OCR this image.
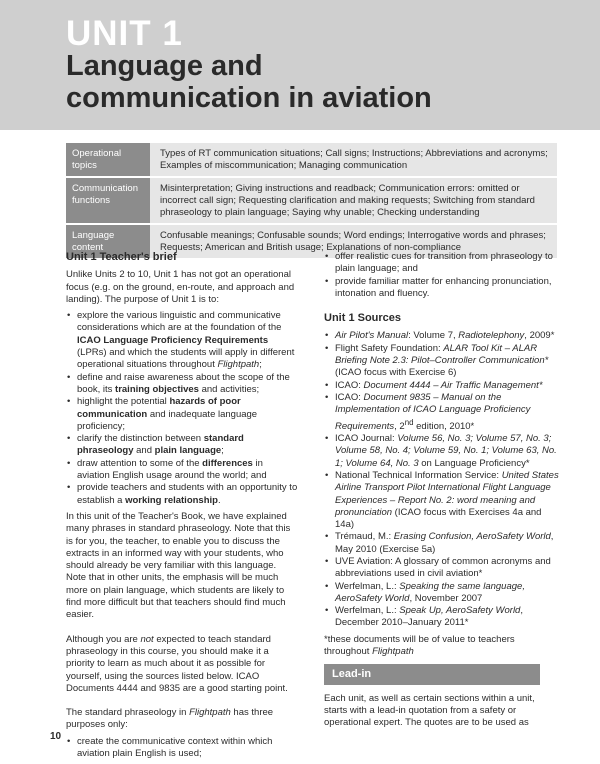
UNIT 1
Language and
communication in aviation
Operational topics	Types of RT communication situations; Call signs; Instructions; Abbreviations and acronyms; Examples of miscommunication; Managing communication
Communication functions	Misinterpretation; Giving instructions and readback; Communication errors: omitted or incorrect call sign; Requesting clarification and making requests; Switching from standard phraseology to plain language; Saying why unable; Checking understanding
Language content	Confusable meanings; Confusable sounds; Word endings; Interrogative words and phrases; Requests; American and British usage; Explanations of non-compliance
Unit 1 Teacher's brief

Unlike Units 2 to 10, Unit 1 has not got an operational focus (e.g. on the ground, en-route, and approach and landing). The purpose of Unit 1 is to:

• explore the various linguistic and communicative considerations which are at the foundation of the ICAO Language Proficiency Requirements (LPRs) and which the students will apply in different operational situations throughout Flightpath;
• define and raise awareness about the scope of the book, its training objectives and activities;
• highlight the potential hazards of poor communication and inadequate language proficiency;
• clarify the distinction between standard phraseology and plain language;
• draw attention to some of the differences in aviation English usage around the world; and
• provide teachers and students with an opportunity to establish a working relationship.

In this unit of the Teacher's Book, we have explained many phrases in standard phraseology. Note that this is for you, the teacher, to enable you to discuss the extracts in an informed way with your students, who should already be very familiar with this language. Note that in other units, the emphasis will be much more on plain language, which students are likely to find more difficult but that teachers should find much easier.

Although you are not expected to teach standard phraseology in this course, you should make it a priority to learn as much about it as possible for yourself, using the sources listed below. ICAO Documents 4444 and 9835 are a good starting point.

The standard phraseology in Flightpath has three purposes only:

• create the communicative context within which aviation plain English is used;
• offer realistic cues for transition from phraseology to plain language; and
• provide familiar matter for enhancing pronunciation, intonation and fluency.
Unit 1 Sources
• Air Pilot's Manual: Volume 7, Radiotelephony, 2009*
• Flight Safety Foundation: ALAR Tool Kit – ALAR Briefing Note 2.3: Pilot–Controller Communication* (ICAO focus with Exercise 6)
• ICAO: Document 4444 – Air Traffic Management*
• ICAO: Document 9835 – Manual on the Implementation of ICAO Language Proficiency Requirements, 2nd edition, 2010*
• ICAO Journal: Volume 56, No. 3; Volume 57, No. 3; Volume 58, No. 4; Volume 59, No. 1; Volume 63, No. 1; Volume 64, No. 3 on Language Proficiency*
• National Technical Information Service: United States Airline Transport Pilot International Flight Language Experiences – Report No. 2: word meaning and pronunciation (ICAO focus with Exercises 4a and 14a)
• Trémaud, M.: Erasing Confusion, AeroSafety World, May 2010 (Exercise 5a)
• UVE Aviation: A glossary of common acronyms and abbreviations used in civil aviation*
• Werfelman, L.: Speaking the same language, AeroSafety World, November 2007
• Werfelman, L.: Speak Up, AeroSafety World, December 2010–January 2011*

*these documents will be of value to teachers throughout Flightpath

Lead-in

Each unit, as well as certain sections within a unit, starts with a lead-in quotation from a safety or operational expert. The quotes are to be used as

10
